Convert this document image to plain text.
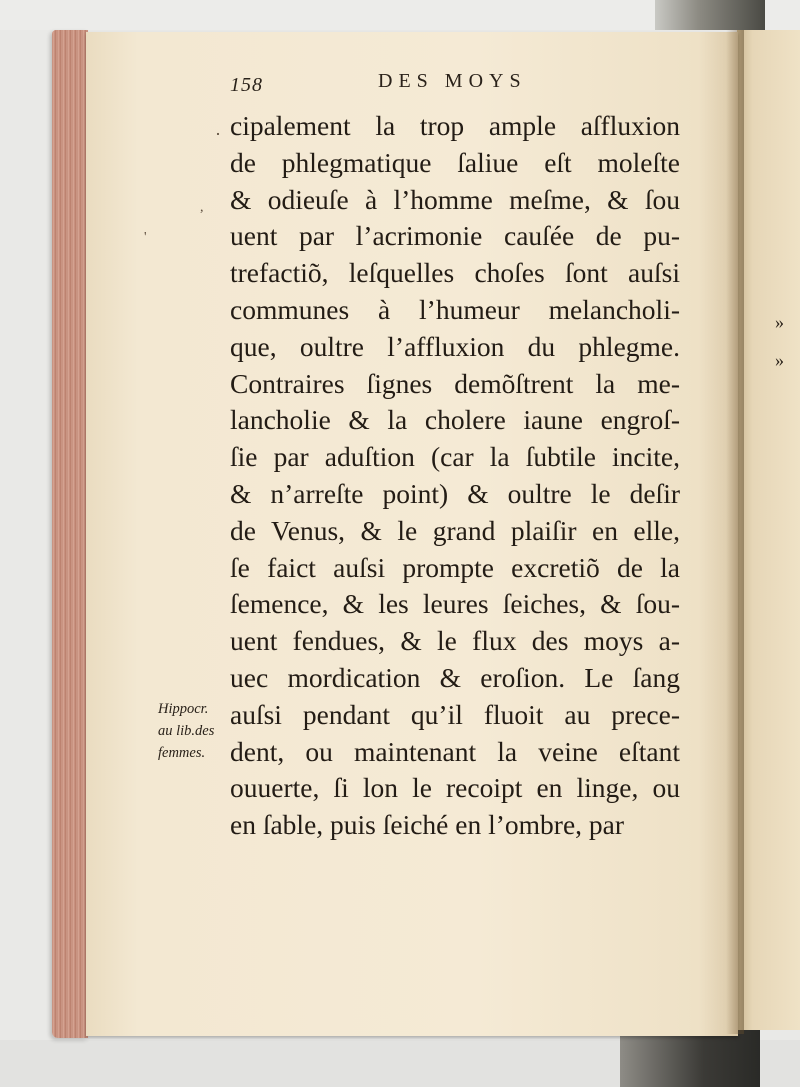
158	DES MOYS
cipalement la trop ample aſfluxion
de phlegmatique ſaliue eſt moleſte
& odieuſe à l’homme meſme, & ſou
uent par l’acrimonie cauſée de pu-
trefactiõ, leſquelles choſes ſont auſsi
communes à l’humeur melancholi-
que, oultre l’affluxion du phlegme.
Contraires ſignes demõſtrent la me-
lancholie & la cholere iaune engroſ-
ſie par aduſtion (car la ſubtile incite,
& n’arreſte point) & oultre le deſir
de Venus, & le grand plaiſir en elle,
ſe faict auſsi prompte excretiõ de la
ſemence, & les leures ſeiches, & ſou-
uent fendues, & le flux des moys a-
uec mordication & eroſion. Le ſang
auſsi pendant qu’il fluoit au prece-
dent, ou maintenant la veine eſtant
ouuerte, ſi lon le recoipt en linge, ou
en ſable, puis ſeiché en l’ombre, par
Hippocr.
au lib.des
femmes.
»
»
·
,
'
